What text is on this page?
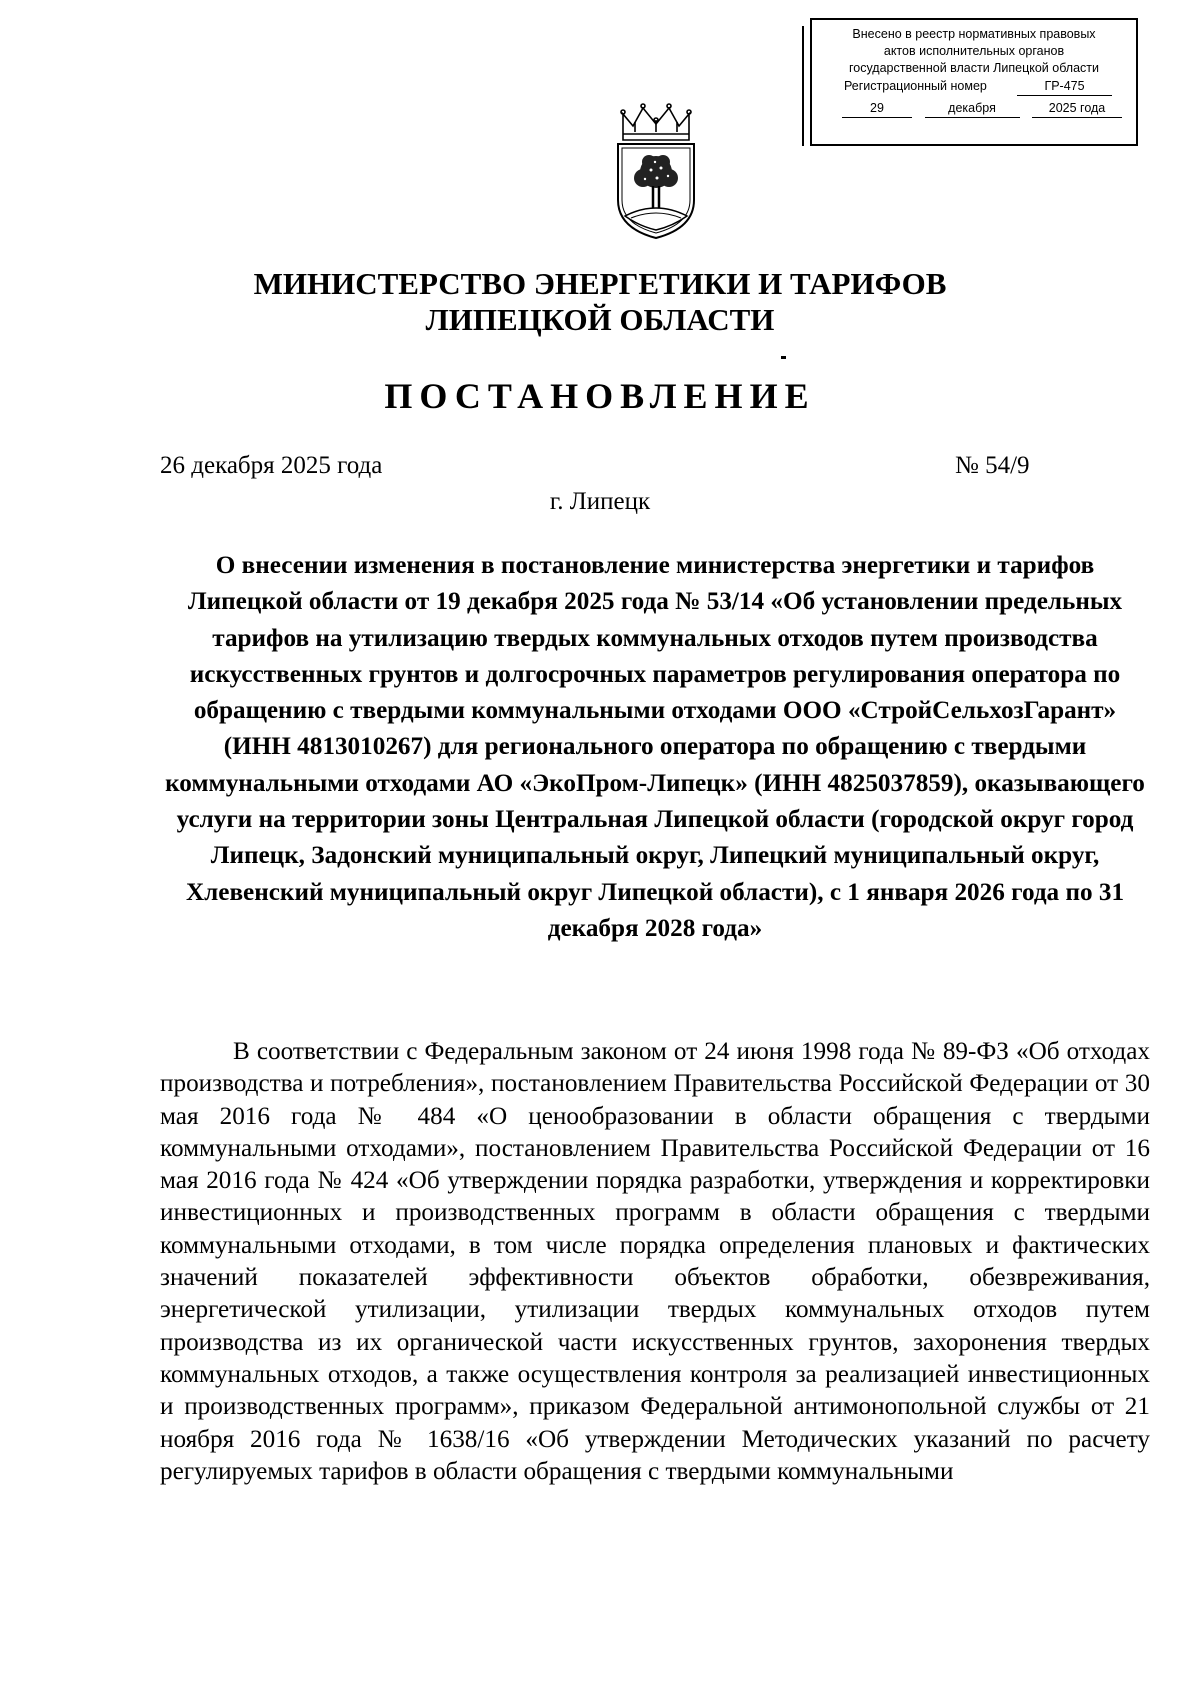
Внесено в реестр нормативных правовых
актов исполнительных органов
государственной власти Липецкой области
Регистрационный номер	ГР-475
29	декабря	2025 года
МИНИСТЕРСТВО ЭНЕРГЕТИКИ И ТАРИФОВ
ЛИПЕЦКОЙ ОБЛАСТИ
ПОСТАНОВЛЕНИЕ
26 декабря 2025 года	№ 54/9
г. Липецк
О внесении изменения в постановление министерства энергетики и тарифов Липецкой области от 19 декабря 2025 года № 53/14 «Об установлении предельных тарифов на утилизацию твердых коммунальных отходов путем производства искусственных грунтов и долгосрочных параметров регулирования оператора по обращению с твердыми коммунальными отходами ООО «СтройСельхозГарант» (ИНН 4813010267) для регионального оператора по обращению с твердыми коммунальными отходами АО «ЭкоПром-Липецк» (ИНН 4825037859), оказывающего услуги на территории зоны Центральная Липецкой области (городской округ город Липецк, Задонский муниципальный округ, Липецкий муниципальный округ, Хлевенский муниципальный округ Липецкой области), с 1 января 2026 года по 31 декабря 2028 года»
В соответствии с Федеральным законом от 24 июня 1998 года № 89-ФЗ «Об отходах производства и потребления», постановлением Правительства Российской Федерации от 30 мая 2016 года № 484 «О ценообразовании в области обращения с твердыми коммунальными отходами», постановлением Правительства Российской Федерации от 16 мая 2016 года № 424 «Об утверждении порядка разработки, утверждения и корректировки инвестиционных и производственных программ в области обращения с твердыми коммунальными отходами, в том числе порядка определения плановых и фактических значений показателей эффективности объектов обработки, обезвреживания, энергетической утилизации, утилизации твердых коммунальных отходов путем производства из их органической части искусственных грунтов, захоронения твердых коммунальных отходов, а также осуществления контроля за реализацией инвестиционных и производственных программ», приказом Федеральной антимонопольной службы от 21 ноября 2016 года № 1638/16 «Об утверждении Методических указаний по расчету регулируемых тарифов в области обращения с твердыми коммунальными
